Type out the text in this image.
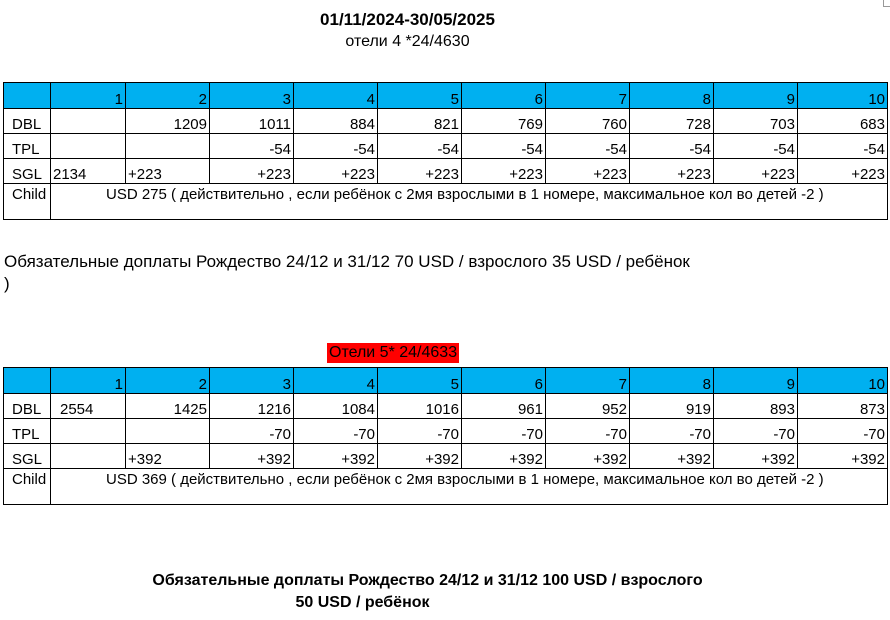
01/11/2024-30/05/2025
отели 4 *24/4630
	1	2	3	4	5	6	7	8	9	10
DBL		1209	1011	884	821	769	760	728	703	683
TPL			-54	-54	-54	-54	-54	-54	-54	-54
SGL	2134	+223	+223	+223	+223	+223	+223	+223	+223	+223
Child	USD 275 ( действительно , если ребёнок с 2мя взрослыми в 1 номере, максимальное кол во детей -2 )									
Обязательные доплаты Рождество 24/12 и 31/12 70 USD / взрослого 35 USD / ребёнок
)
Отели 5* 24/4633
	1	2	3	4	5	6	7	8	9	10
DBL	2554	1425	1216	1084	1016	961	952	919	893	873
TPL			-70	-70	-70	-70	-70	-70	-70	-70
SGL		+392	+392	+392	+392	+392	+392	+392	+392	+392
Child	USD 369 ( действительно , если ребёнок с 2мя взрослыми в 1 номере, максимальное кол во детей -2 )									
Обязательные доплаты Рождество 24/12 и 31/12 100 USD / взрослого
50 USD / ребёнок
